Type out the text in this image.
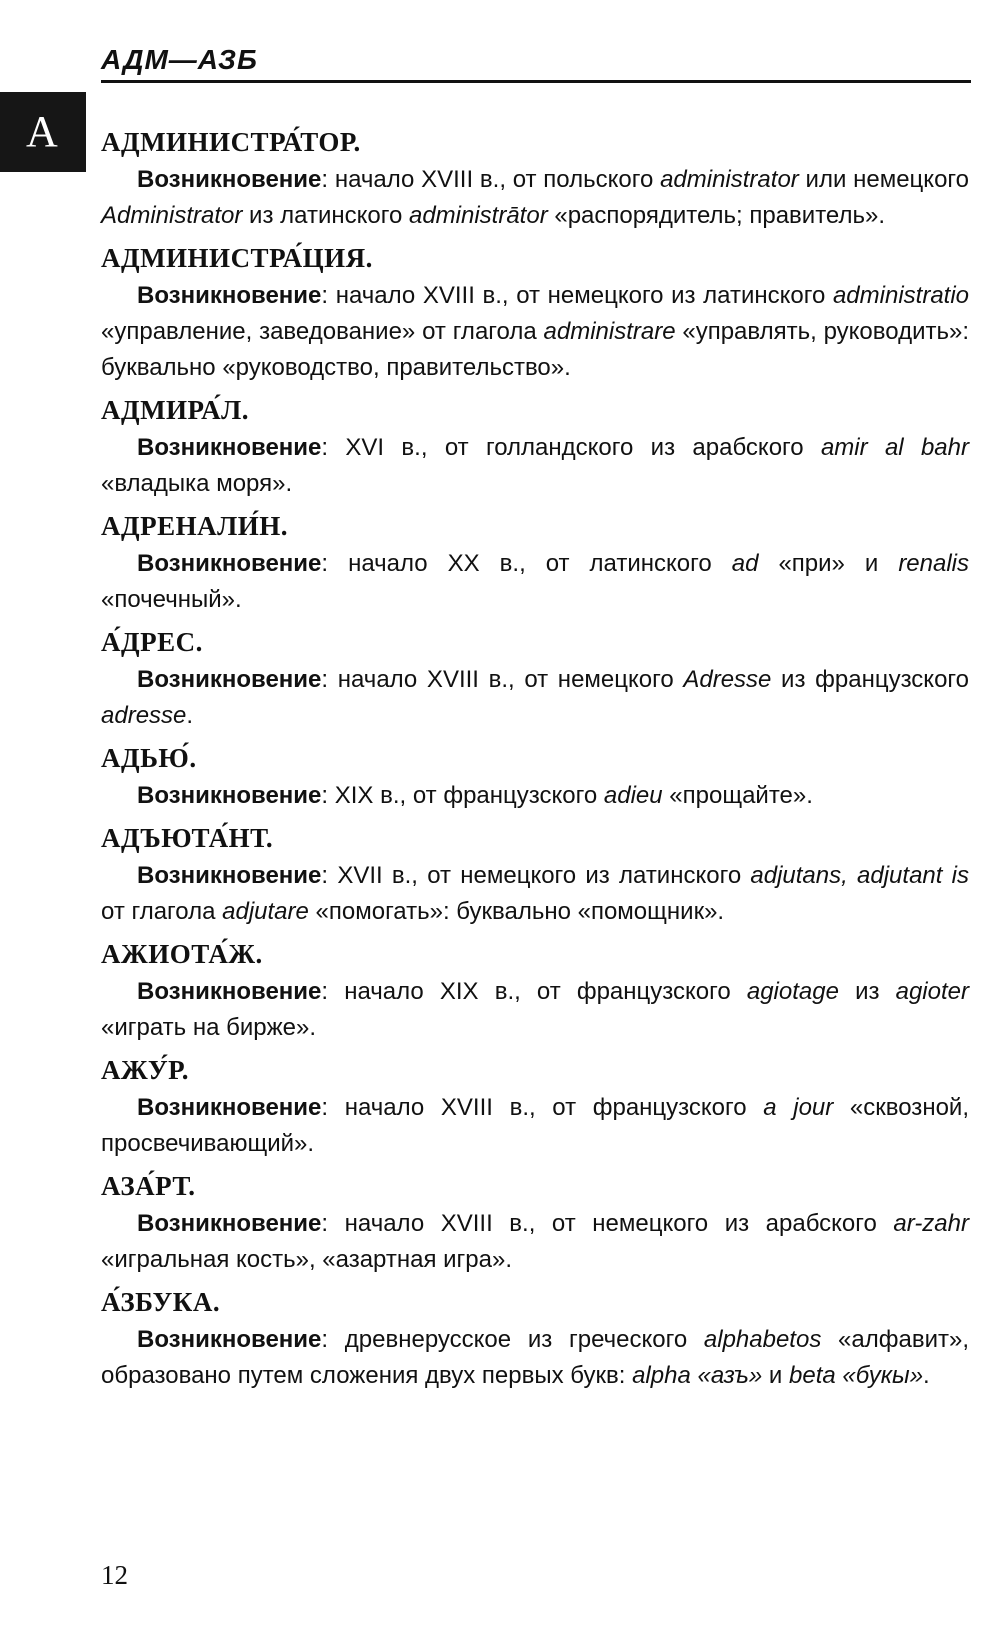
АДМ—АЗБ
А	АДМИНИСТРА́ТОР.
Возникновение: начало XVIII в., от польского administrator или немецкого Administrator из латинского administrātor «распорядитель; правитель».
АДМИНИСТРА́ЦИЯ.
Возникновение: начало XVIII в., от немецкого из латинского administratio «управление, заведование» от глагола administrare «управлять, руководить»: буквально «руководство, правительство».
АДМИРА́Л.
Возникновение: XVI в., от голландского из арабского amir al bahr «владыка моря».
АДРЕНАЛИ́Н.
Возникновение: начало XX в., от латинского ad «при» и renalis «почечный».
А́ДРЕС.
Возникновение: начало XVIII в., от немецкого Adresse из французского adresse.
АДЬЮ́.
Возникновение: XIX в., от французского adieu «прощайте».
АДЪЮТА́НТ.
Возникновение: XVII в., от немецкого из латинского adjutans, adjutant is от глагола adjutare «помогать»: буквально «помощник».
АЖИОТА́Ж.
Возникновение: начало XIX в., от французского agiotage из agioter «играть на бирже».
АЖУ́Р.
Возникновение: начало XVIII в., от французского a jour «сквозной, просвечивающий».
АЗА́РТ.
Возникновение: начало XVIII в., от немецкого из арабского ar-zahr «игральная кость», «азартная игра».
А́ЗБУКА.
Возникновение: древнерусское из греческого alphabetos «алфавит», образовано путем сложения двух первых букв: alpha «азъ» и beta «букы».
12
